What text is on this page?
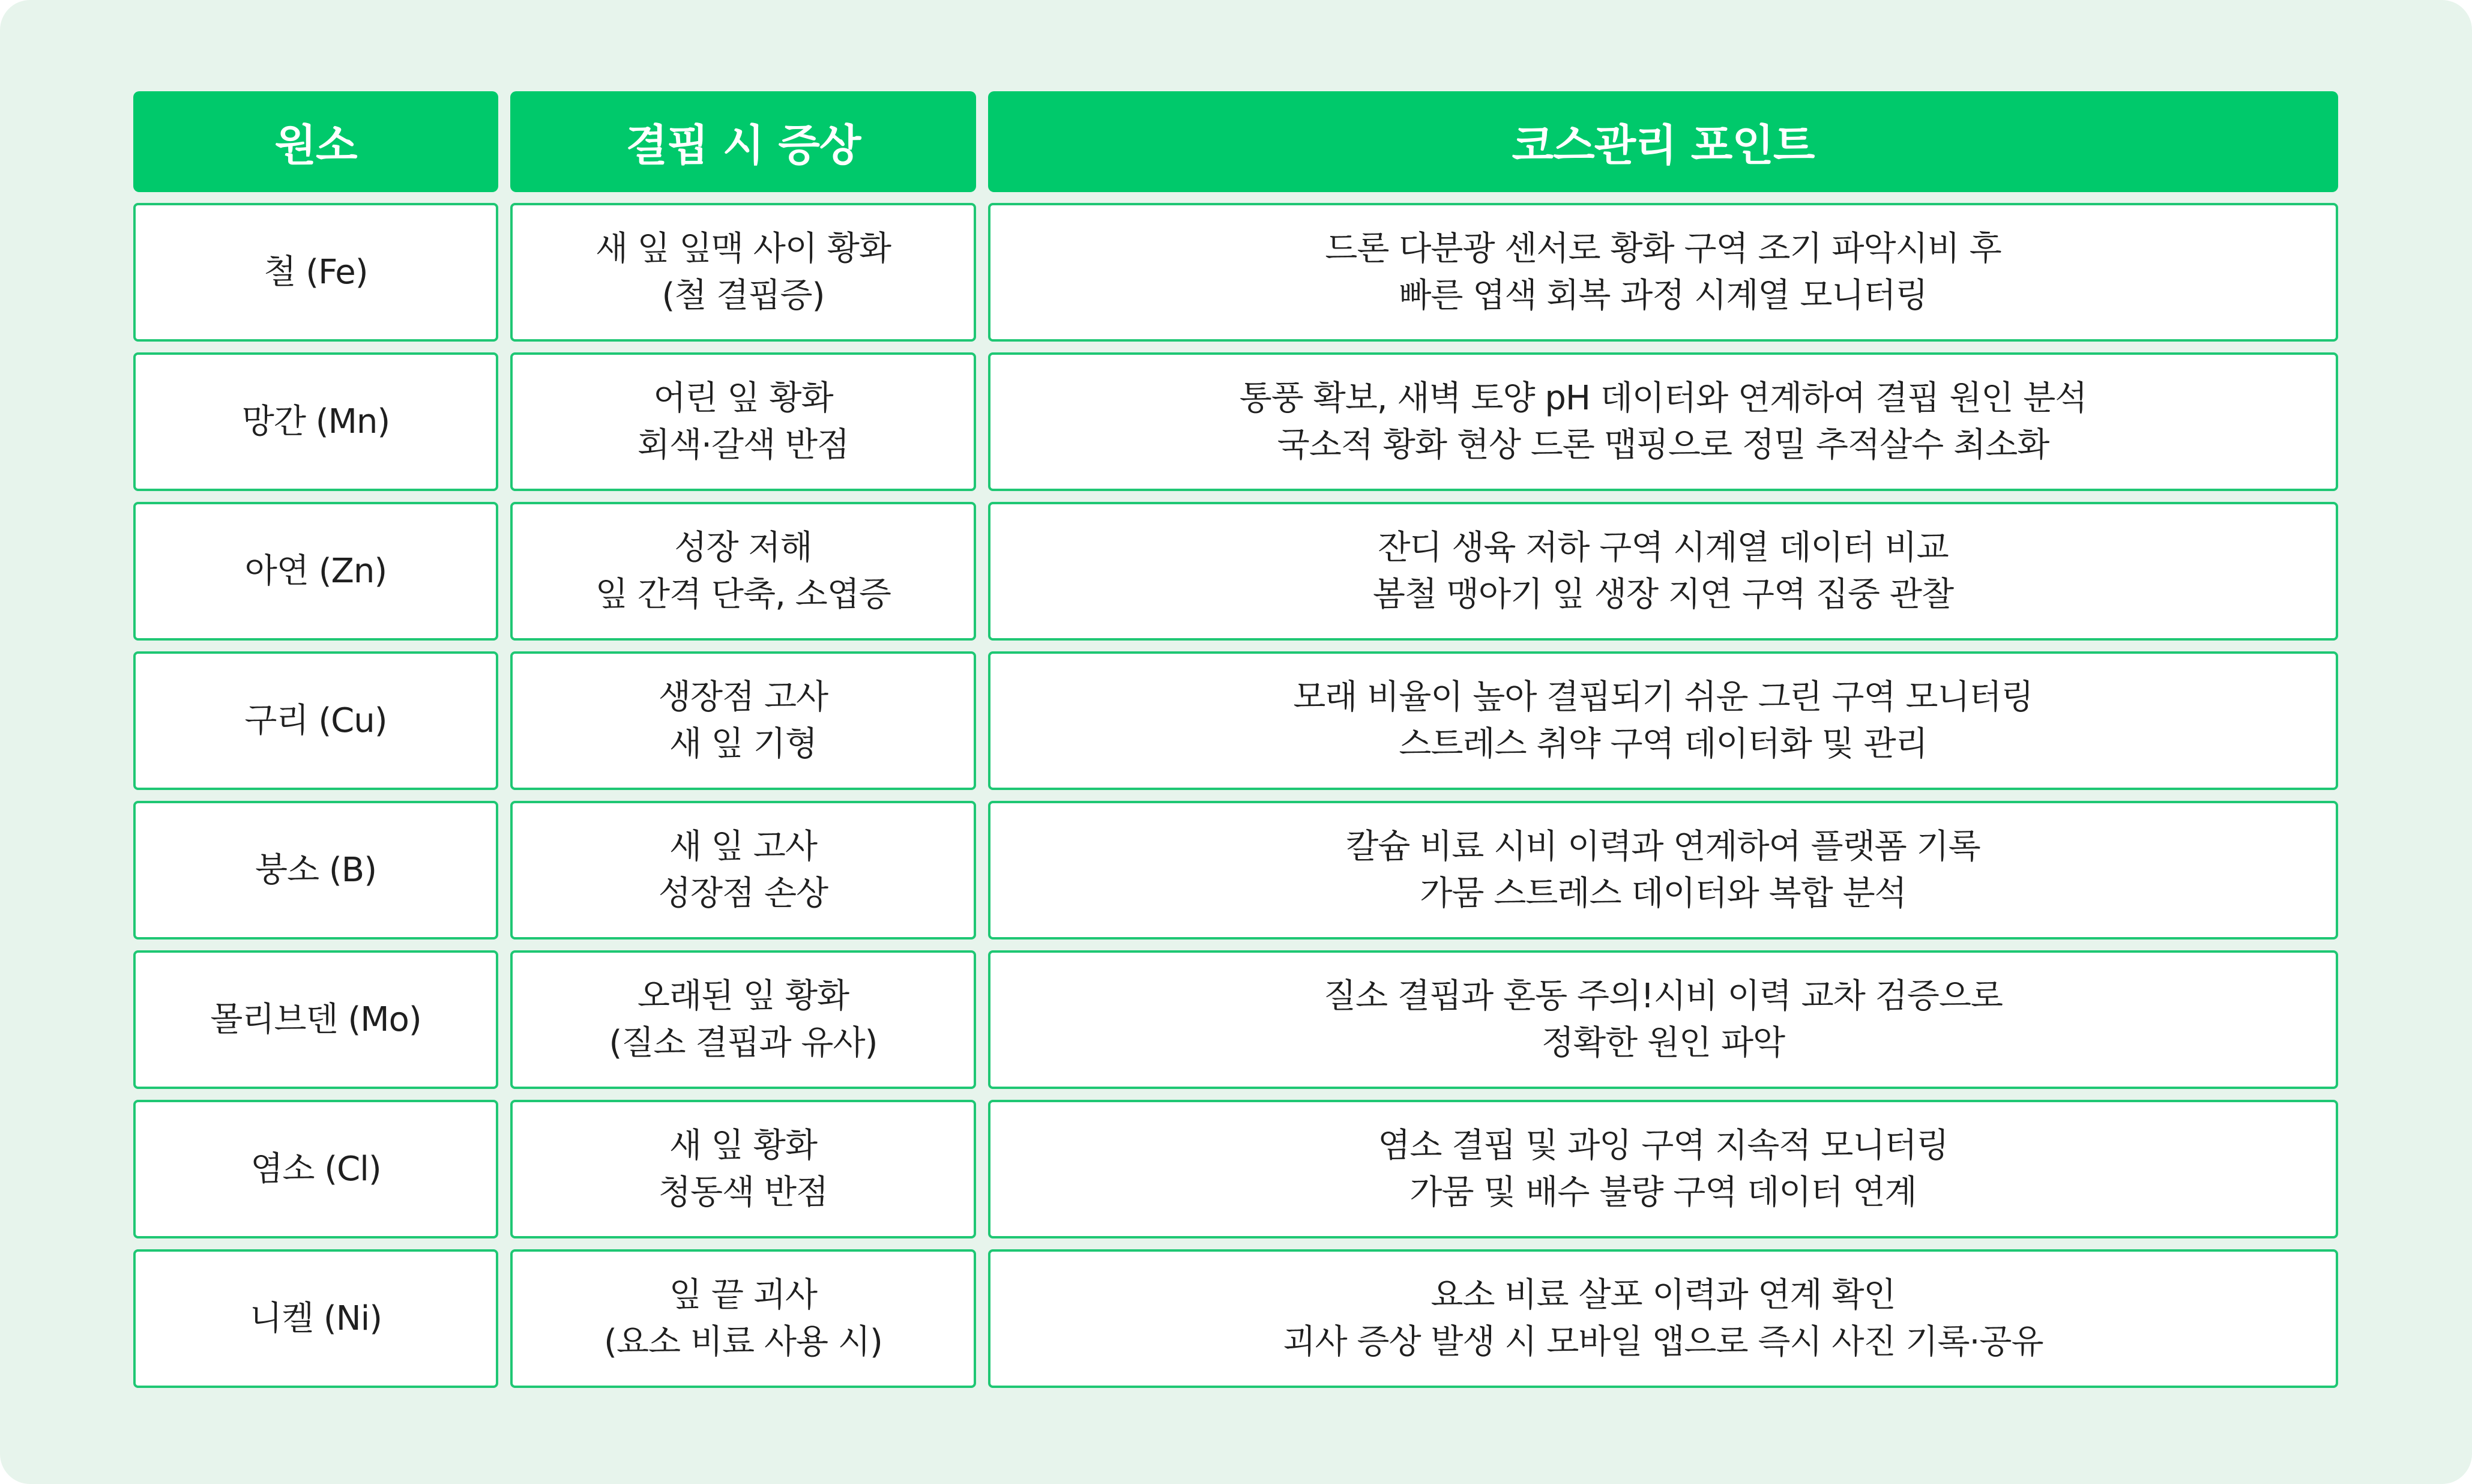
원소	결핍 시 증상	코스관리 포인트
철 (Fe)
새 잎 잎맥 사이 황화
(철 결핍증)
드론 다분광 센서로 황화 구역 조기 파악시비 후
빠른 엽색 회복 과정 시계열 모니터링
망간 (Mn)
어린 잎 황화
회색·갈색 반점
통풍 확보, 새벽 토양 pH 데이터와 연계하여 결핍 원인 분석
국소적 황화 현상 드론 맵핑으로 정밀 추적살수 최소화
아연 (Zn)
성장 저해
잎 간격 단축, 소엽증
잔디 생육 저하 구역 시계열 데이터 비교
봄철 맹아기 잎 생장 지연 구역 집중 관찰
구리 (Cu)
생장점 고사
새 잎 기형
모래 비율이 높아 결핍되기 쉬운 그린 구역 모니터링
스트레스 취약 구역 데이터화 및 관리
붕소 (B)
새 잎 고사
성장점 손상
칼슘 비료 시비 이력과 연계하여 플랫폼 기록
가뭄 스트레스 데이터와 복합 분석
몰리브덴 (Mo)
오래된 잎 황화
(질소 결핍과 유사)
질소 결핍과 혼동 주의!시비 이력 교차 검증으로
정확한 원인 파악
염소 (Cl)
새 잎 황화
청동색 반점
염소 결핍 및 과잉 구역 지속적 모니터링
가뭄 및 배수 불량 구역 데이터 연계
니켈 (Ni)
잎 끝 괴사
(요소 비료 사용 시)
요소 비료 살포 이력과 연계 확인
괴사 증상 발생 시 모바일 앱으로 즉시 사진 기록·공유
